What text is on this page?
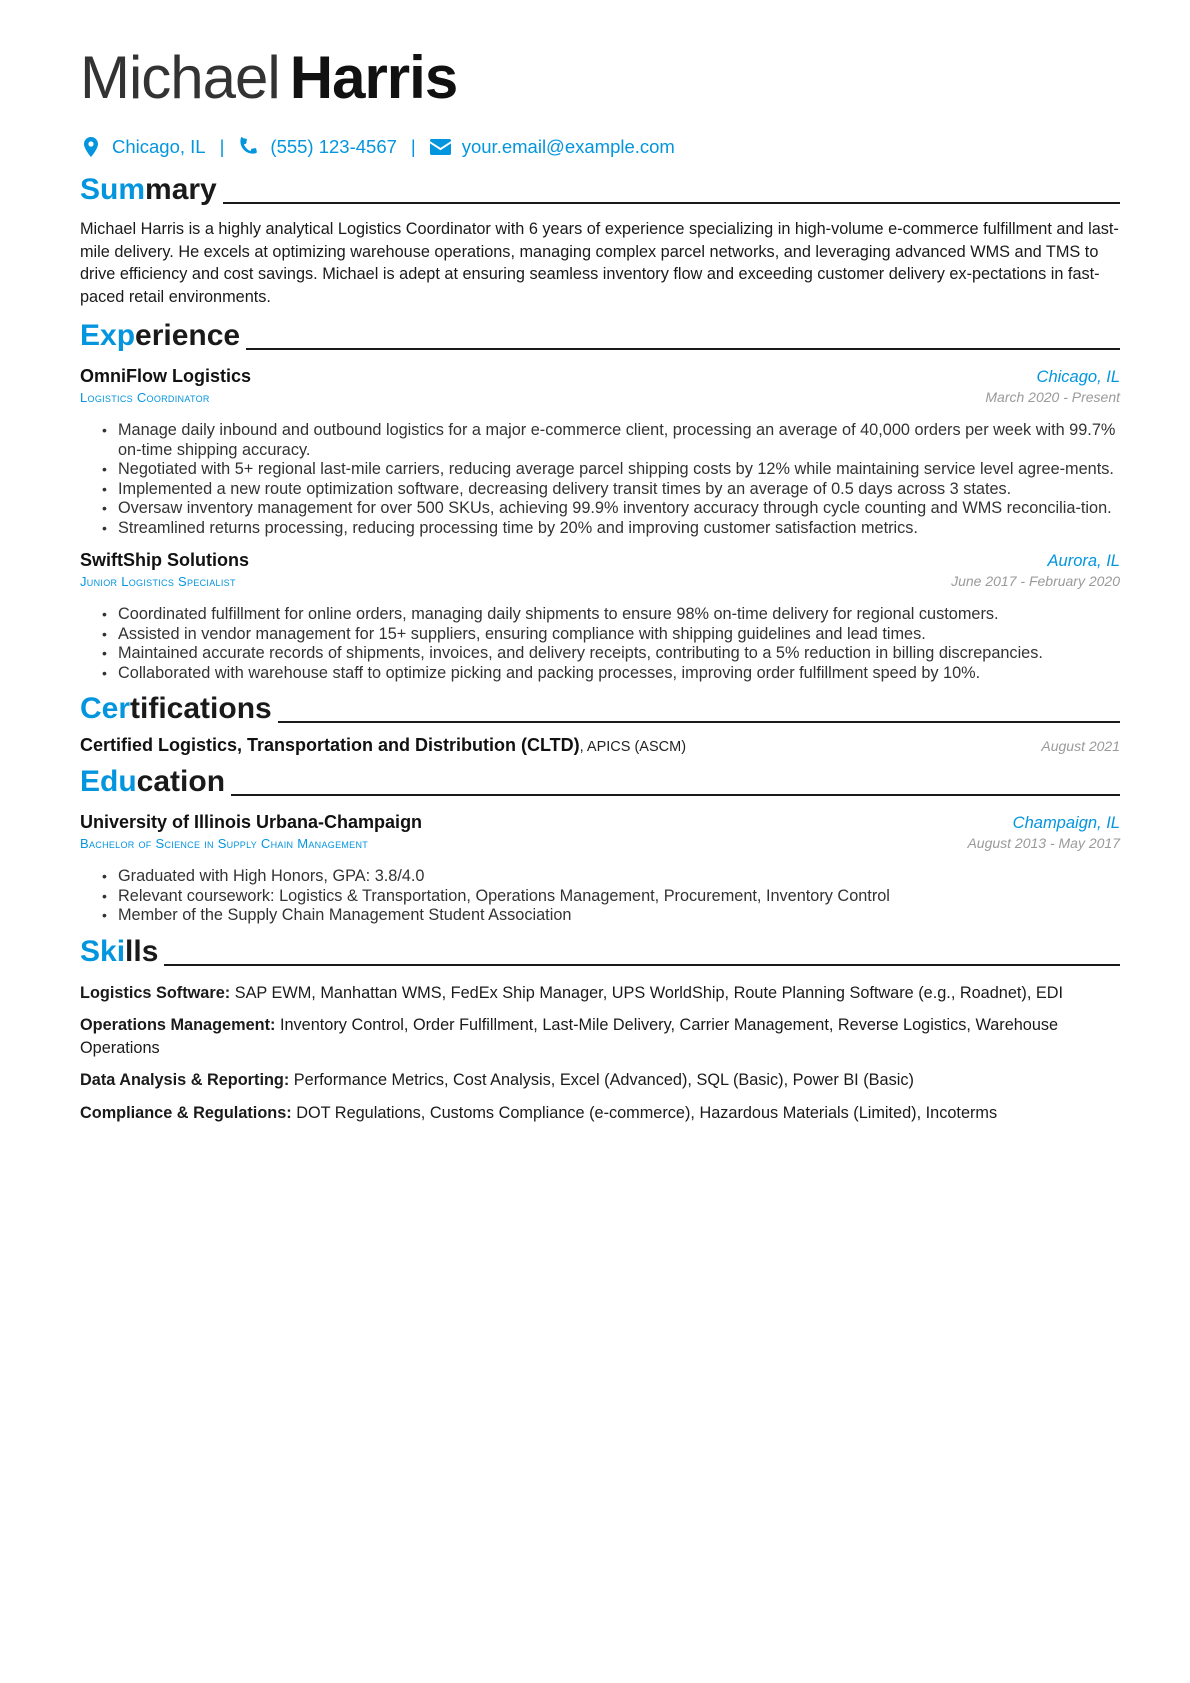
Michael Harris
Chicago, IL | (555) 123-4567 | your.email@example.com
Sum mary
Michael Harris is a highly analytical Logistics Coordinator with 6 years of experience specializing in high-volume e-commerce fulfillment and last-mile delivery. He excels at optimizing warehouse operations, managing complex parcel networks, and leveraging advanced WMS and TMS to drive efficiency and cost savings. Michael is adept at ensuring seamless inventory flow and exceeding customer delivery ex-pectations in fast-paced retail environments.
Exp erience
OmniFlow Logistics	Chicago, IL
Logistics Coordinator	March 2020 - Present
• Manage daily inbound and outbound logistics for a major e-commerce client, processing an average of 40,000 orders per week with 99.7% on-time shipping accuracy.
• Negotiated with 5+ regional last-mile carriers, reducing average parcel shipping costs by 12% while maintaining service level agree-ments.
• Implemented a new route optimization software, decreasing delivery transit times by an average of 0.5 days across 3 states.
• Oversaw inventory management for over 500 SKUs, achieving 99.9% inventory accuracy through cycle counting and WMS reconcilia-tion.
• Streamlined returns processing, reducing processing time by 20% and improving customer satisfaction metrics.
SwiftShip Solutions	Aurora, IL
Junior Logistics Specialist	June 2017 - February 2020
• Coordinated fulfillment for online orders, managing daily shipments to ensure 98% on-time delivery for regional customers.
• Assisted in vendor management for 15+ suppliers, ensuring compliance with shipping guidelines and lead times.
• Maintained accurate records of shipments, invoices, and delivery receipts, contributing to a 5% reduction in billing discrepancies.
• Collaborated with warehouse staff to optimize picking and packing processes, improving order fulfillment speed by 10%.
Cer tifications
Certified Logistics, Transportation and Distribution (CLTD), APICS (ASCM)	August 2021
Edu cation
University of Illinois Urbana-Champaign	Champaign, IL
Bachelor of Science in Supply Chain Management	August 2013 - May 2017
• Graduated with High Honors, GPA: 3.8/4.0
• Relevant coursework: Logistics & Transportation, Operations Management, Procurement, Inventory Control
• Member of the Supply Chain Management Student Association
Ski lls
Logistics Software: SAP EWM, Manhattan WMS, FedEx Ship Manager, UPS WorldShip, Route Planning Software (e.g., Roadnet), EDI
Operations Management: Inventory Control, Order Fulfillment, Last-Mile Delivery, Carrier Management, Reverse Logistics, Warehouse Operations
Data Analysis & Reporting: Performance Metrics, Cost Analysis, Excel (Advanced), SQL (Basic), Power BI (Basic)
Compliance & Regulations: DOT Regulations, Customs Compliance (e-commerce), Hazardous Materials (Limited), Incoterms
